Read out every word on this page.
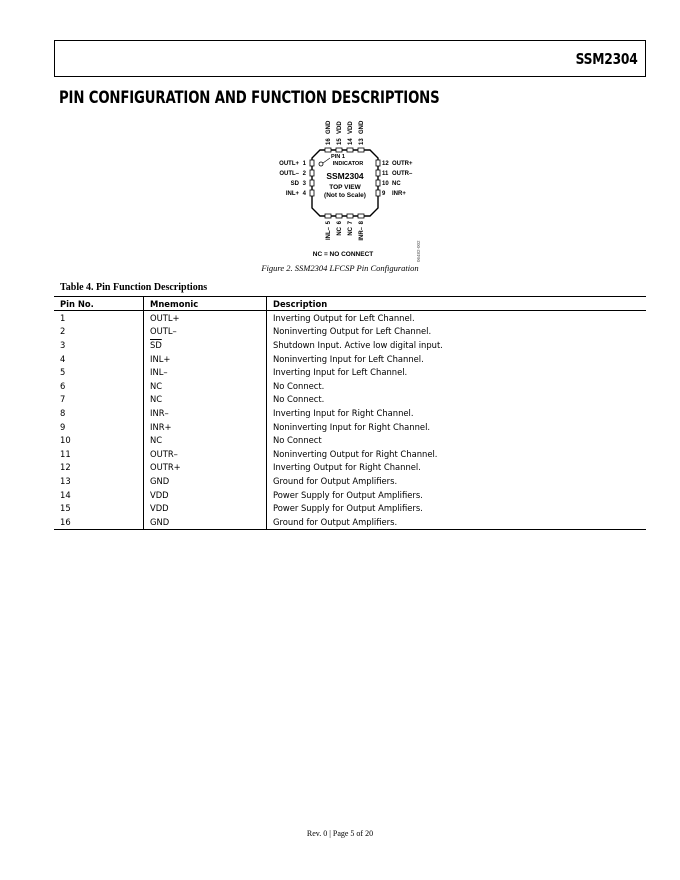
SSM2304
PIN CONFIGURATION AND FUNCTION DESCRIPTIONS
PIN 1
INDICATOR
SSM2304
TOP VIEW
(Not to Scale)
1
OUTL+
2
OUTL–
3
SD
4
INL+
12 OUTR+
11 OUTR–
10 NC
9 INR+
16
GND
15
VDD
14
VDD
13
GND
5
INL–
6
NC
7
NC
8
INR–
NC = NO CONNECT	06482-002
Figure 2. SSM2304 LFCSP Pin Configuration
Table 4. Pin Function Descriptions
Pin No.	Mnemonic	Description
1	OUTL+	Inverting Output for Left Channel.
2	OUTL–	Noninverting Output for Left Channel.
3	$\overline{SD}$	Shutdown Input. Active low digital input.
4	INL+	Noninverting Input for Left Channel.
5	INL–	Inverting Input for Left Channel.
6	NC	No Connect.
7	NC	No Connect.
8	INR–	Inverting Input for Right Channel.
9	INR+	Noninverting Input for Right Channel.
10	NC	No Connect
11	OUTR–	Noninverting Output for Right Channel.
12	OUTR+	Inverting Output for Right Channel.
13	GND	Ground for Output Amplifiers.
14	VDD	Power Supply for Output Amplifiers.
15	VDD	Power Supply for Output Amplifiers.
16	GND	Ground for Output Amplifiers.
Rev. 0 | Page 5 of 20
